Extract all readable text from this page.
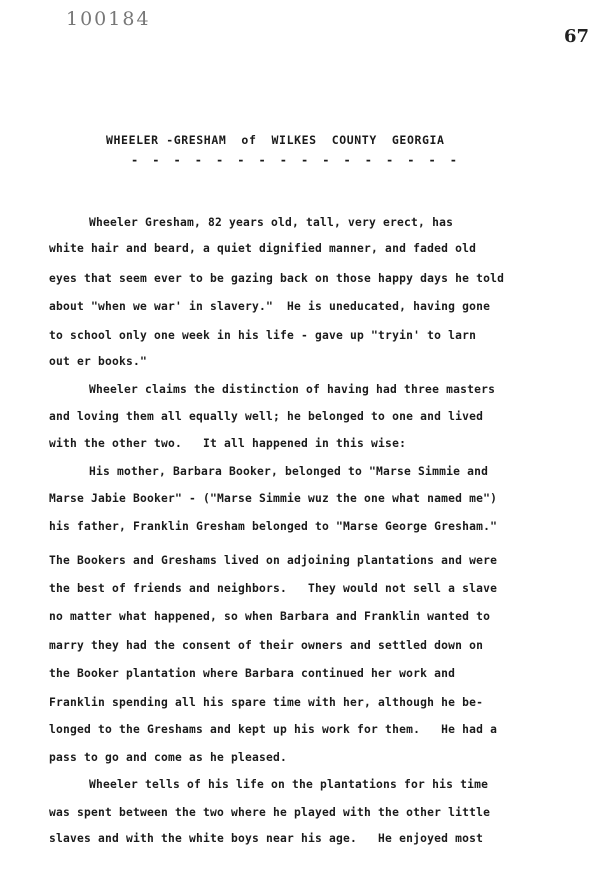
100184
67
WHEELER -GRESHAM  of  WILKES  COUNTY  GEORGIA
- - - - - - - - - - - - - - - -
Wheeler Gresham, 82 years old, tall, very erect, has
white hair and beard, a quiet dignified manner, and faded old
eyes that seem ever to be gazing back on those happy days he told
about "when we war' in slavery."  He is uneducated, having gone
to school only one week in his life - gave up "tryin' to larn
out er books."
Wheeler claims the distinction of having had three masters
and loving them all equally well; he belonged to one and lived
with the other two.   It all happened in this wise:
His mother, Barbara Booker, belonged to "Marse Simmie and
Marse Jabie Booker" - ("Marse Simmie wuz the one what named me")
his father, Franklin Gresham belonged to "Marse George Gresham."
The Bookers and Greshams lived on adjoining plantations and were
the best of friends and neighbors.   They would not sell a slave
no matter what happened, so when Barbara and Franklin wanted to
marry they had the consent of their owners and settled down on
the Booker plantation where Barbara continued her work and
Franklin spending all his spare time with her, although he be-
longed to the Greshams and kept up his work for them.   He had a
pass to go and come as he pleased.
Wheeler tells of his life on the plantations for his time
was spent between the two where he played with the other little
slaves and with the white boys near his age.   He enjoyed most
